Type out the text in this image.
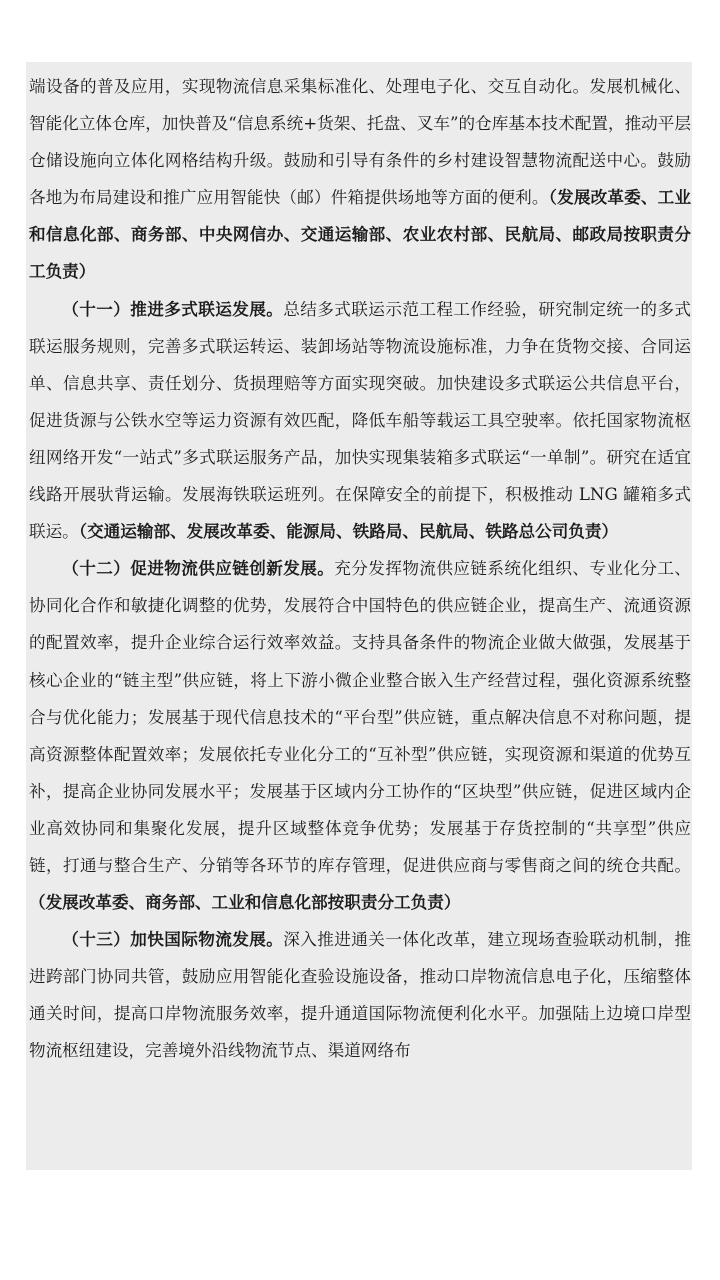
端设备的普及应用，实现物流信息采集标准化、处理电子化、交互自动化。发展机械化、智能化立体仓库，加快普及“信息系统+货架、托盘、叉车”的仓库基本技术配置，推动平层仓储设施向立体化网格结构升级。鼓励和引导有条件的乡村建设智慧物流配送中心。鼓励各地为布局建设和推广应用智能快（邮）件箱提供场地等方面的便利。（发展改革委、工业和信息化部、商务部、中央网信办、交通运输部、农业农村部、民航局、邮政局按职责分工负责）

（十一）推进多式联运发展。总结多式联运示范工程工作经验，研究制定统一的多式联运服务规则，完善多式联运转运、装卸场站等物流设施标准，力争在货物交接、合同运单、信息共享、责任划分、货损理赔等方面实现突破。加快建设多式联运公共信息平台，促进货源与公铁水空等运力资源有效匹配，降低车船等载运工具空驶率。依托国家物流枢纽网络开发“一站式”多式联运服务产品，加快实现集装箱多式联运“一单制”。研究在适宜线路开展驮背运输。发展海铁联运班列。在保障安全的前提下，积极推动 LNG 罐箱多式联运。（交通运输部、发展改革委、能源局、铁路局、民航局、铁路总公司负责）

（十二）促进物流供应链创新发展。充分发挥物流供应链系统化组织、专业化分工、协同化合作和敏捷化调整的优势，发展符合中国特色的供应链企业，提高生产、流通资源的配置效率，提升企业综合运行效率效益。支持具备条件的物流企业做大做强，发展基于核心企业的“链主型”供应链，将上下游小微企业整合嵌入生产经营过程，强化资源系统整合与优化能力；发展基于现代信息技术的“平台型”供应链，重点解决信息不对称问题，提高资源整体配置效率；发展依托专业化分工的“互补型”供应链，实现资源和渠道的优势互补，提高企业协同发展水平；发展基于区域内分工协作的“区块型”供应链，促进区域内企业高效协同和集聚化发展，提升区域整体竞争优势；发展基于存货控制的“共享型”供应链，打通与整合生产、分销等各环节的库存管理，促进供应商与零售商之间的统仓共配。（发展改革委、商务部、工业和信息化部按职责分工负责）

（十三）加快国际物流发展。深入推进通关一体化改革，建立现场查验联动机制，推进跨部门协同共管，鼓励应用智能化查验设施设备，推动口岸物流信息电子化，压缩整体通关时间，提高口岸物流服务效率，提升通道国际物流便利化水平。加强陆上边境口岸型物流枢纽建设，完善境外沿线物流节点、渠道网络布
